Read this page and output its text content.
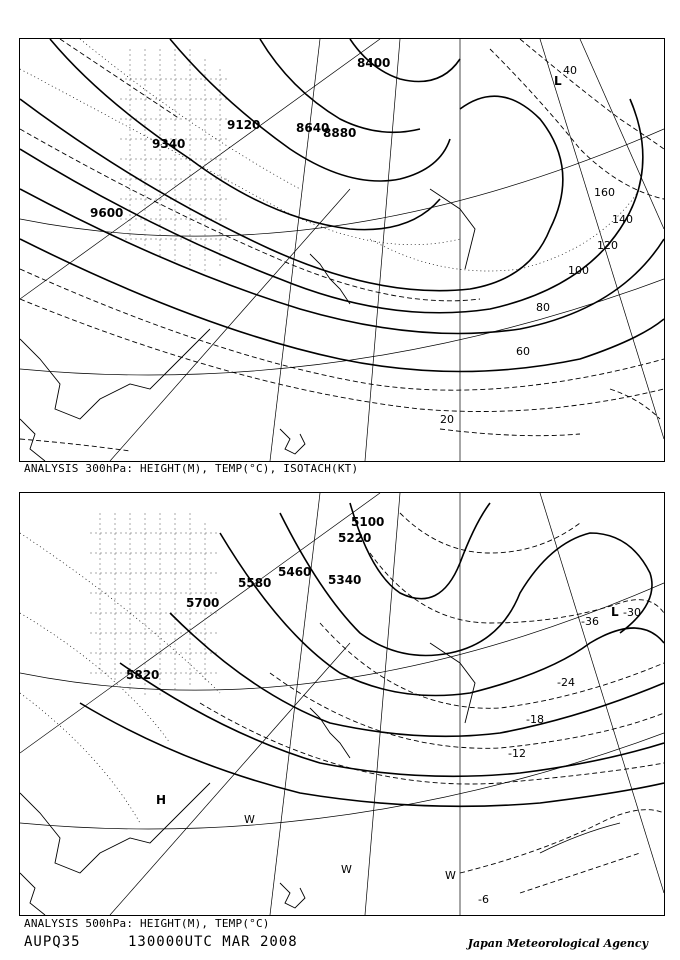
8400
8640
8880
9120
9340
9600
20
40
60
80
100
120
140
160
L
ANALYSIS 300hPa: HEIGHT(M), TEMP(°C), ISOTACH(KT)
5100
5220
5340
5460
5580
5700
5820
-6
-12
-18
-24
-30
-36
L
H
W
W	W
ANALYSIS 500hPa: HEIGHT(M), TEMP(°C)
AUPQ35	130000UTC MAR 2008	Japan Meteorological Agency
